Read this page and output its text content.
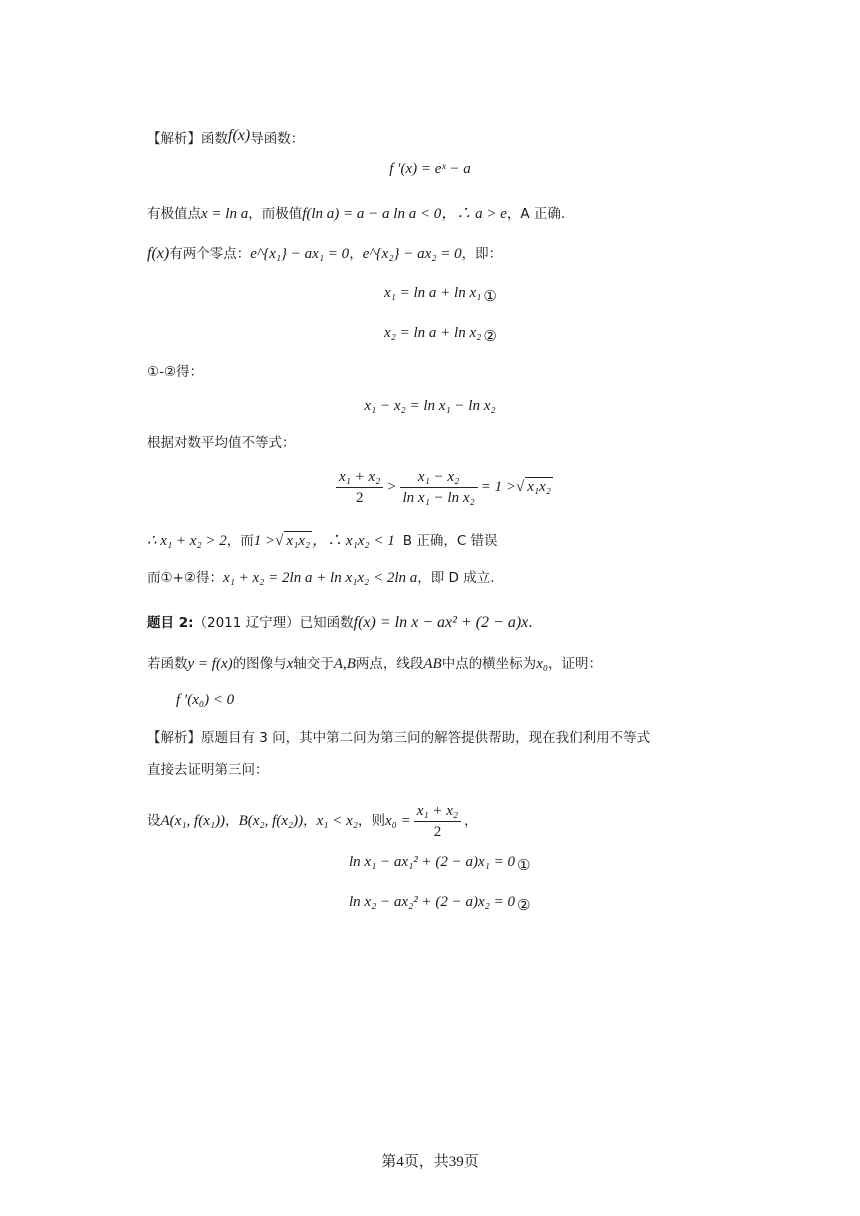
【解析】函数f(x)导函数：
f ′(x) = eˣ − a
有极值点x = ln a，而极值f(ln a) = a − a ln a < 0，∴ a > e，A 正确.
f(x)有两个零点：e^{x₁} − ax₁ = 0，e^{x₂} − ax₂ = 0，即：
x₁ = ln a + ln x₁ ①
x₂ = ln a + ln x₂ ②
①-②得：
x₁ − x₂ = ln x₁ − ln x₂
根据对数平均值不等式：
$\frac{\text{x₁ + x₂}}{2} > \frac{\text{x₁ − x₂}}{\text{ln x₁ − ln x₂}} = 1$ >√ x₁x₂
∴ x₁ + x₂ > 2，而1 >√ x₁x₂ ，∴ x₁x₂ < 1 B 正确，C 错误
而①+②得：x₁ + x₂ = 2ln a + ln x₁x₂ < 2ln a，即 D 成立.
题目 2:（2011 辽宁理）已知函数f(x) = ln x − ax² + (2 − a)x.
若函数y = f(x)的图像与x轴交于A,B两点，线段AB中点的横坐标为x₀，证明：
f ′(x₀) < 0
【解析】原题目有 3 问，其中第二问为第三问的解答提供帮助，现在我们利用不等式
直接去证明第三问：
设A(x₁, f(x₁))，B(x₂, f(x₂))，x₁ < x₂，则$x_0 = \frac{\text{x₁ + x₂}}{2}$ ，
ln x₁ − ax₁² + (2 − a)x₁ = 0 ①
ln x₂ − ax₂² + (2 − a)x₂ = 0 ②
第4页，共39页
